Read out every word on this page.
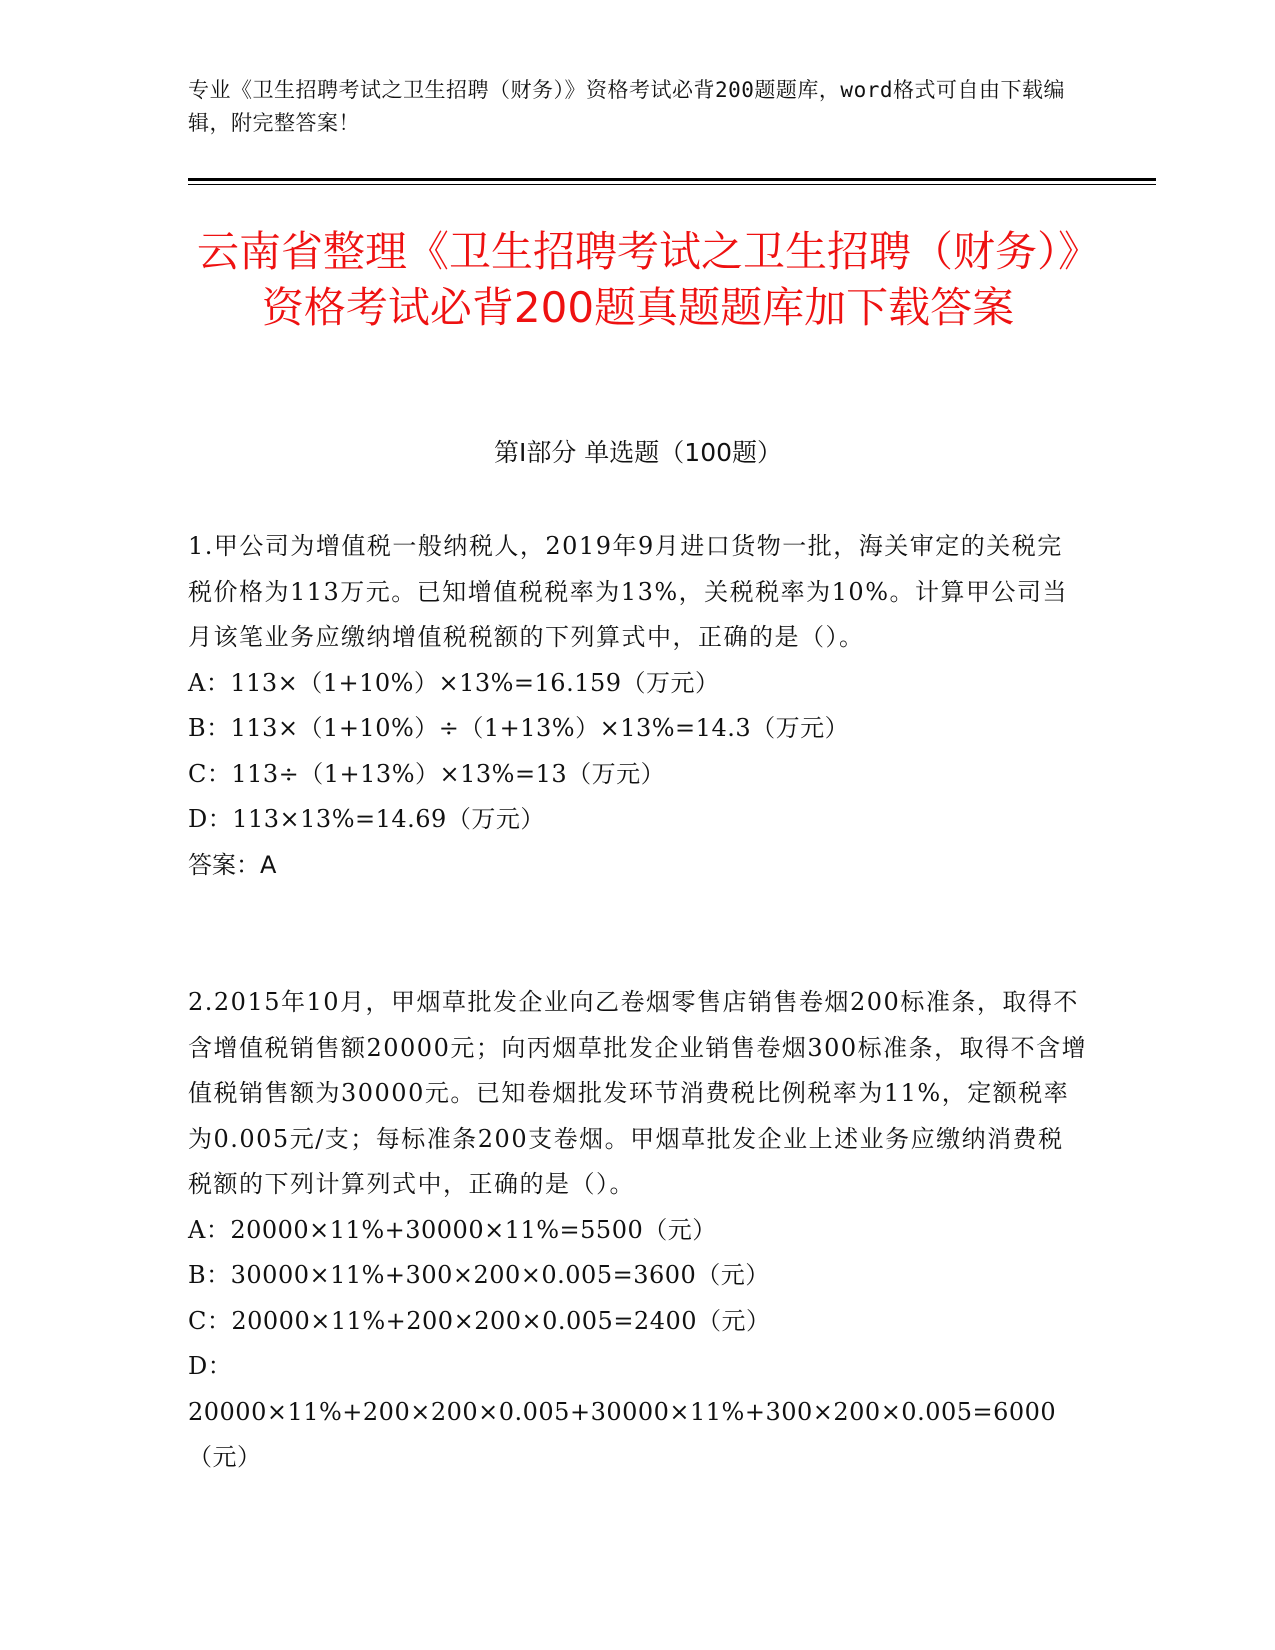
专业《卫生招聘考试之卫生招聘（财务）》资格考试必背200题题库，word格式可自由下载编辑，附完整答案！
云南省整理《卫生招聘考试之卫生招聘（财务）》资格考试必背200题真题题库加下载答案
第I部分 单选题（100题）
1.甲公司为增值税一般纳税人，2019年9月进口货物一批，海关审定的关税完税价格为113万元。已知增值税税率为13%，关税税率为10%。计算甲公司当月该笔业务应缴纳增值税税额的下列算式中，正确的是（）。
A：113×（1+10%）×13%=16.159（万元）
B：113×（1+10%）÷（1+13%）×13%=14.3（万元）
C：113÷（1+13%）×13%=13（万元）
D：113×13%=14.69（万元）
答案：A
2.2015年10月，甲烟草批发企业向乙卷烟零售店销售卷烟200标准条，取得不含增值税销售额20000元；向丙烟草批发企业销售卷烟300标准条，取得不含增值税销售额为30000元。已知卷烟批发环节消费税比例税率为11%，定额税率为0.005元/支；每标准条200支卷烟。甲烟草批发企业上述业务应缴纳消费税税额的下列计算列式中，正确的是（）。
A：20000×11%+30000×11%=5500（元）
B：30000×11%+300×200×0.005=3600（元）
C：20000×11%+200×200×0.005=2400（元）
D：20000×11%+200×200×0.005+30000×11%+300×200×0.005=6000（元）
